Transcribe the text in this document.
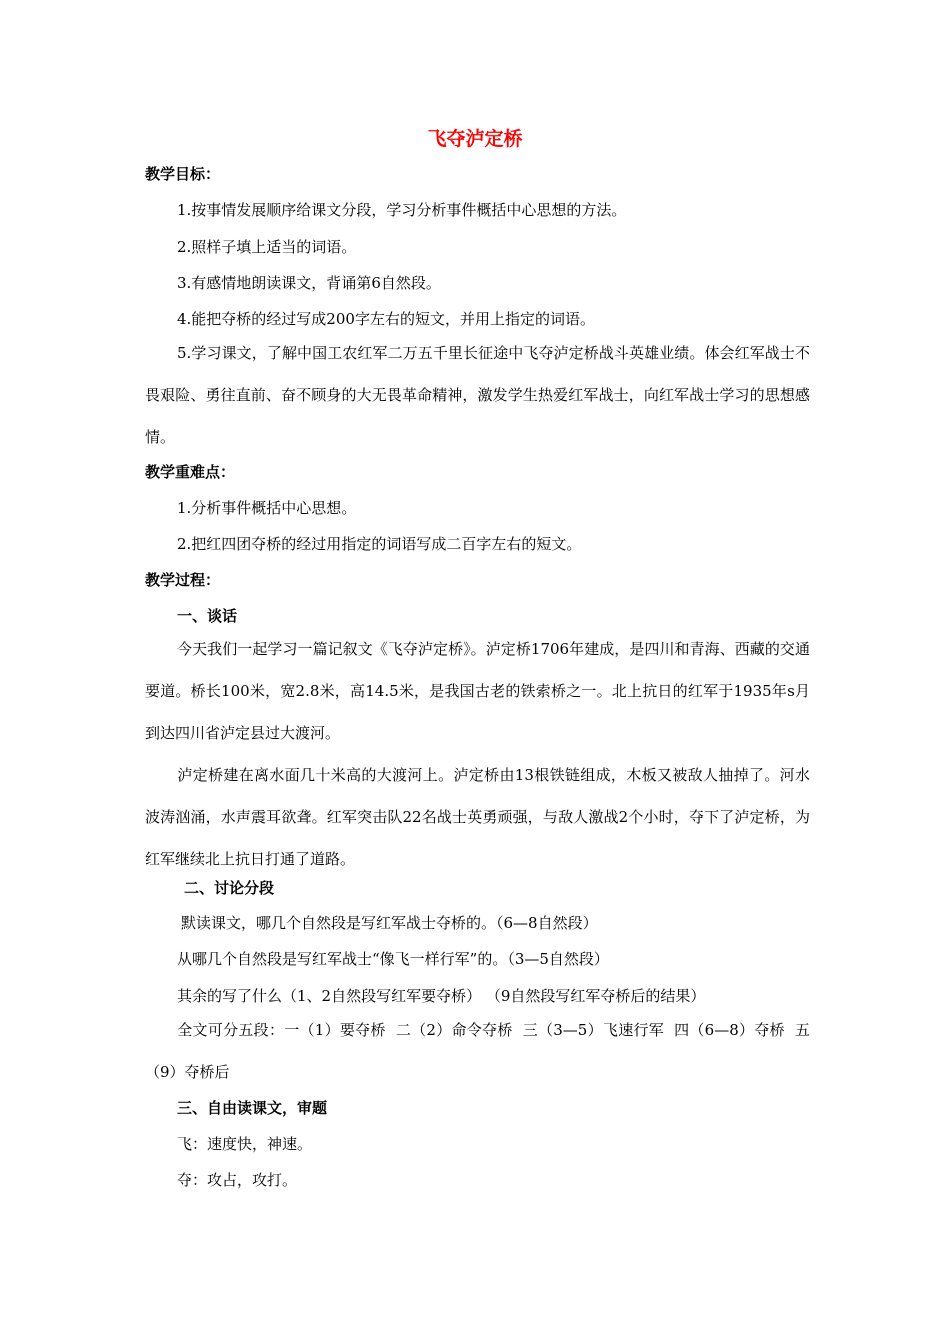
飞夺泸定桥
教学目标：
1.按事情发展顺序给课文分段，学习分析事件概括中心思想的方法。
2.照样子填上适当的词语。
3.有感情地朗读课文，背诵第6自然段。
4.能把夺桥的经过写成200字左右的短文，并用上指定的词语。
5.学习课文，了解中国工农红军二万五千里长征途中飞夺泸定桥战斗英雄业绩。体会红军战士不畏艰险、勇往直前、奋不顾身的大无畏革命精神，激发学生热爱红军战士，向红军战士学习的思想感情。
教学重难点：
1.分析事件概括中心思想。
2.把红四团夺桥的经过用指定的词语写成二百字左右的短文。
教学过程：
一、谈话
今天我们一起学习一篇记叙文《飞夺泸定桥》。泸定桥1706年建成，是四川和青海、西藏的交通要道。桥长100米，宽2.8米，高14.5米，是我国古老的铁索桥之一。北上抗日的红军于1935年s月到达四川省泸定县过大渡河。
泸定桥建在离水面几十米高的大渡河上。泸定桥由13根铁链组成，木板又被敌人抽掉了。河水波涛汹涌，水声震耳欲聋。红军突击队22名战士英勇顽强，与敌人激战2个小时，夺下了泸定桥，为红军继续北上抗日打通了道路。
二、讨论分段
默读课文，哪几个自然段是写红军战士夺桥的。（6—8自然段）
从哪几个自然段是写红军战士“像飞一样行军”的。（3—5自然段）
其余的写了什么（1、2自然段写红军要夺桥） （9自然段写红军夺桥后的结果）
全文可分五段：一（1）要夺桥  二（2）命令夺桥  三（3—5）飞速行军  四（6—8）夺桥  五（9）夺桥后
三、自由读课文，审题
飞：速度快，神速。
夺：攻占，攻打。
